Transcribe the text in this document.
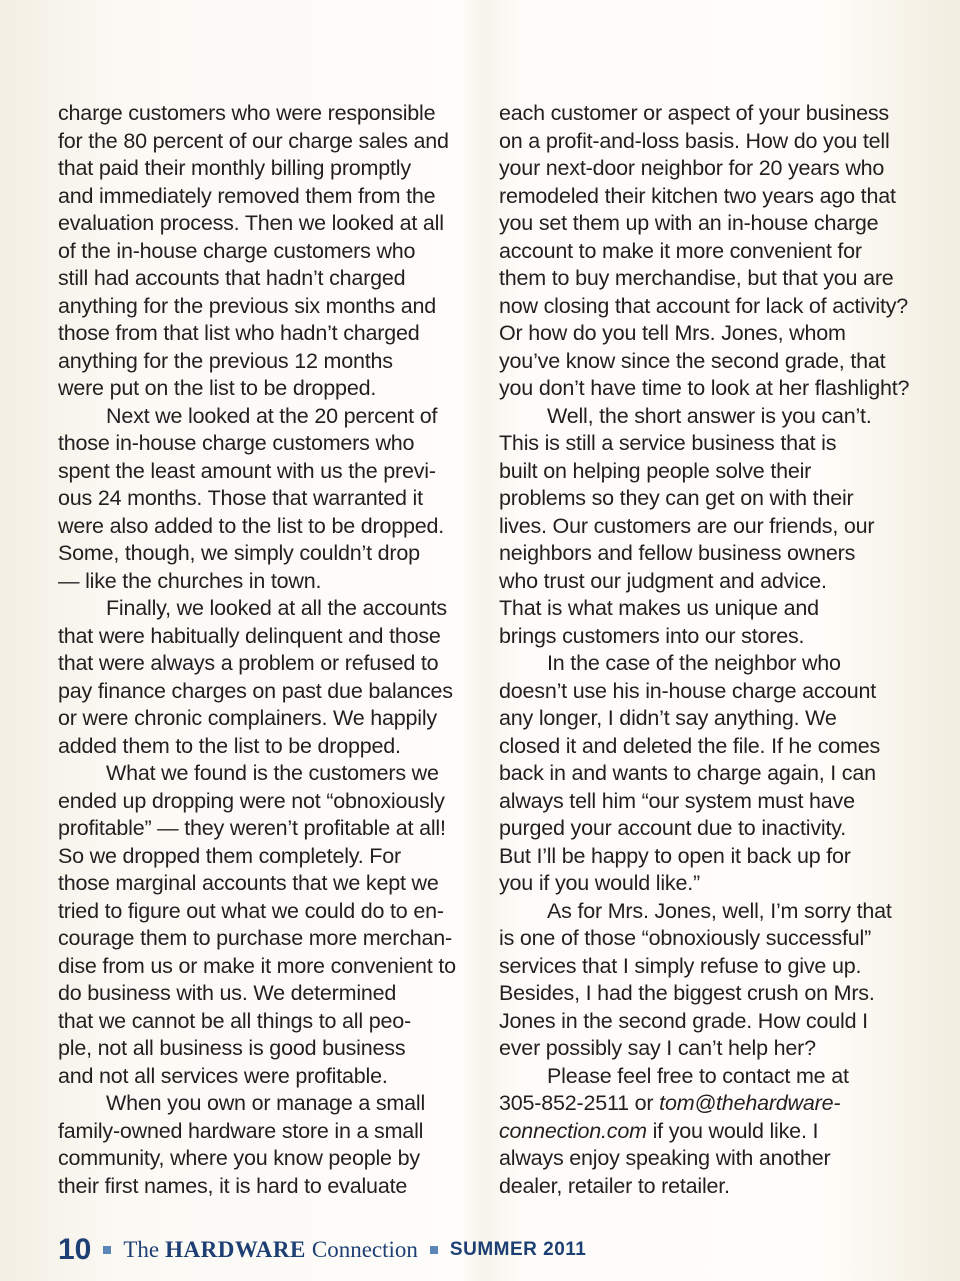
charge customers who were responsible
for the 80 percent of our charge sales and
that paid their monthly billing promptly
and immediately removed them from the
evaluation process. Then we looked at all
of the in-house charge customers who
still had accounts that hadn’t charged
anything for the previous six months and
those from that list who hadn’t charged
anything for the previous 12 months
were put on the list to be dropped.
Next we looked at the 20 percent of
those in-house charge customers who
spent the least amount with us the previ-
ous 24 months. Those that warranted it
were also added to the list to be dropped.
Some, though, we simply couldn’t drop
— like the churches in town.
Finally, we looked at all the accounts
that were habitually delinquent and those
that were always a problem or refused to
pay finance charges on past due balances
or were chronic complainers. We happily
added them to the list to be dropped.
What we found is the customers we
ended up dropping were not “obnoxiously
profitable” — they weren’t profitable at all!
So we dropped them completely. For
those marginal accounts that we kept we
tried to figure out what we could do to en-
courage them to purchase more merchan-
dise from us or make it more convenient to
do business with us. We determined
that we cannot be all things to all peo-
ple, not all business is good business
and not all services were profitable.
When you own or manage a small
family-owned hardware store in a small
community, where you know people by
their first names, it is hard to evaluate
each customer or aspect of your business
on a profit-and-loss basis. How do you tell
your next-door neighbor for 20 years who
remodeled their kitchen two years ago that
you set them up with an in-house charge
account to make it more convenient for
them to buy merchandise, but that you are
now closing that account for lack of activity?
Or how do you tell Mrs. Jones, whom
you’ve know since the second grade, that
you don’t have time to look at her flashlight?
Well, the short answer is you can’t.
This is still a service business that is
built on helping people solve their
problems so they can get on with their
lives. Our customers are our friends, our
neighbors and fellow business owners
who trust our judgment and advice.
That is what makes us unique and
brings customers into our stores.
In the case of the neighbor who
doesn’t use his in-house charge account
any longer, I didn’t say anything. We
closed it and deleted the file. If he comes
back in and wants to charge again, I can
always tell him “our system must have
purged your account due to inactivity.
But I’ll be happy to open it back up for
you if you would like.”
As for Mrs. Jones, well, I’m sorry that
is one of those “obnoxiously successful”
services that I simply refuse to give up.
Besides, I had the biggest crush on Mrs.
Jones in the second grade. How could I
ever possibly say I can’t help her?
Please feel free to contact me at
305-852-2511 or tom@thehardware-
connection.com if you would like. I
always enjoy speaking with another
dealer, retailer to retailer.
10 The HARDWARE Connection SUMMER 2011
